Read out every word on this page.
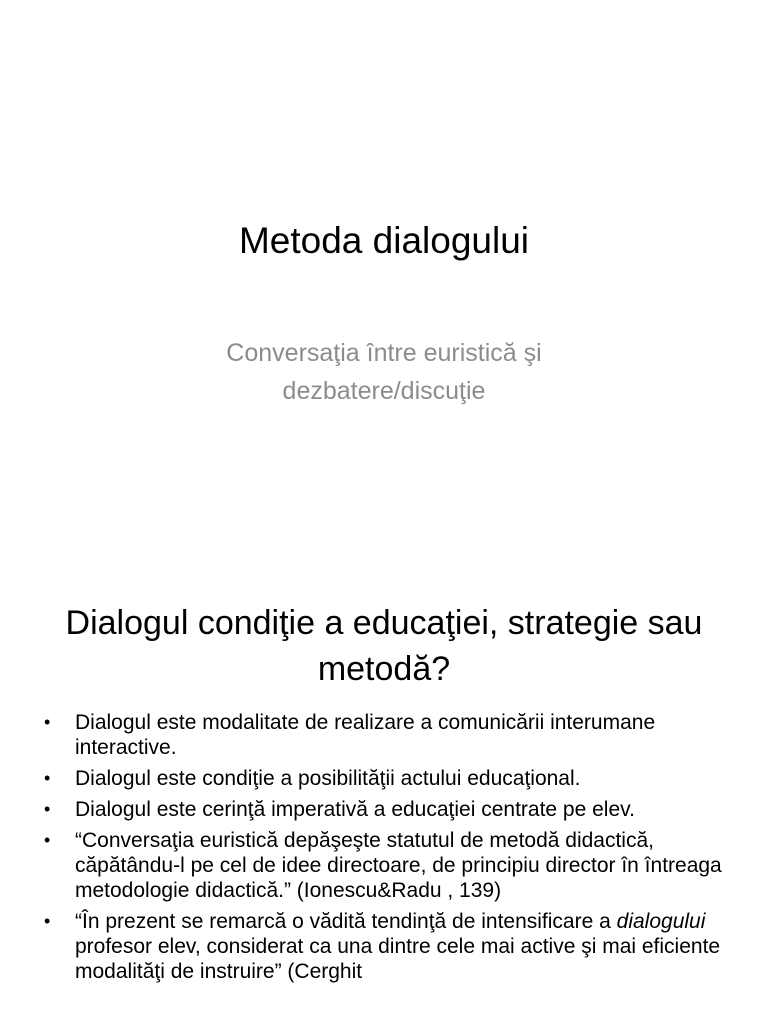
Metoda dialogului

Conversaţia între euristică şi dezbatere/discuţie

Dialogul condiţie a educaţiei, strategie sau metodă?
• Dialogul este modalitate de realizare a comunicării interumane interactive.
• Dialogul este condiţie a posibilităţii actului educaţional.
• Dialogul este cerinţă imperativă a educaţiei centrate pe elev.
• “Conversaţia euristică depăşeşte statutul de metodă didactică, căpătându-l pe cel de idee directoare, de principiu director în întreaga metodologie didactică.” (Ionescu&Radu , 139)
• “În prezent se remarcă o vădită tendinţă de intensificare a dialogului profesor elev, considerat ca una dintre cele mai active şi mai eficiente modalităţi de instruire” (Cerghit
